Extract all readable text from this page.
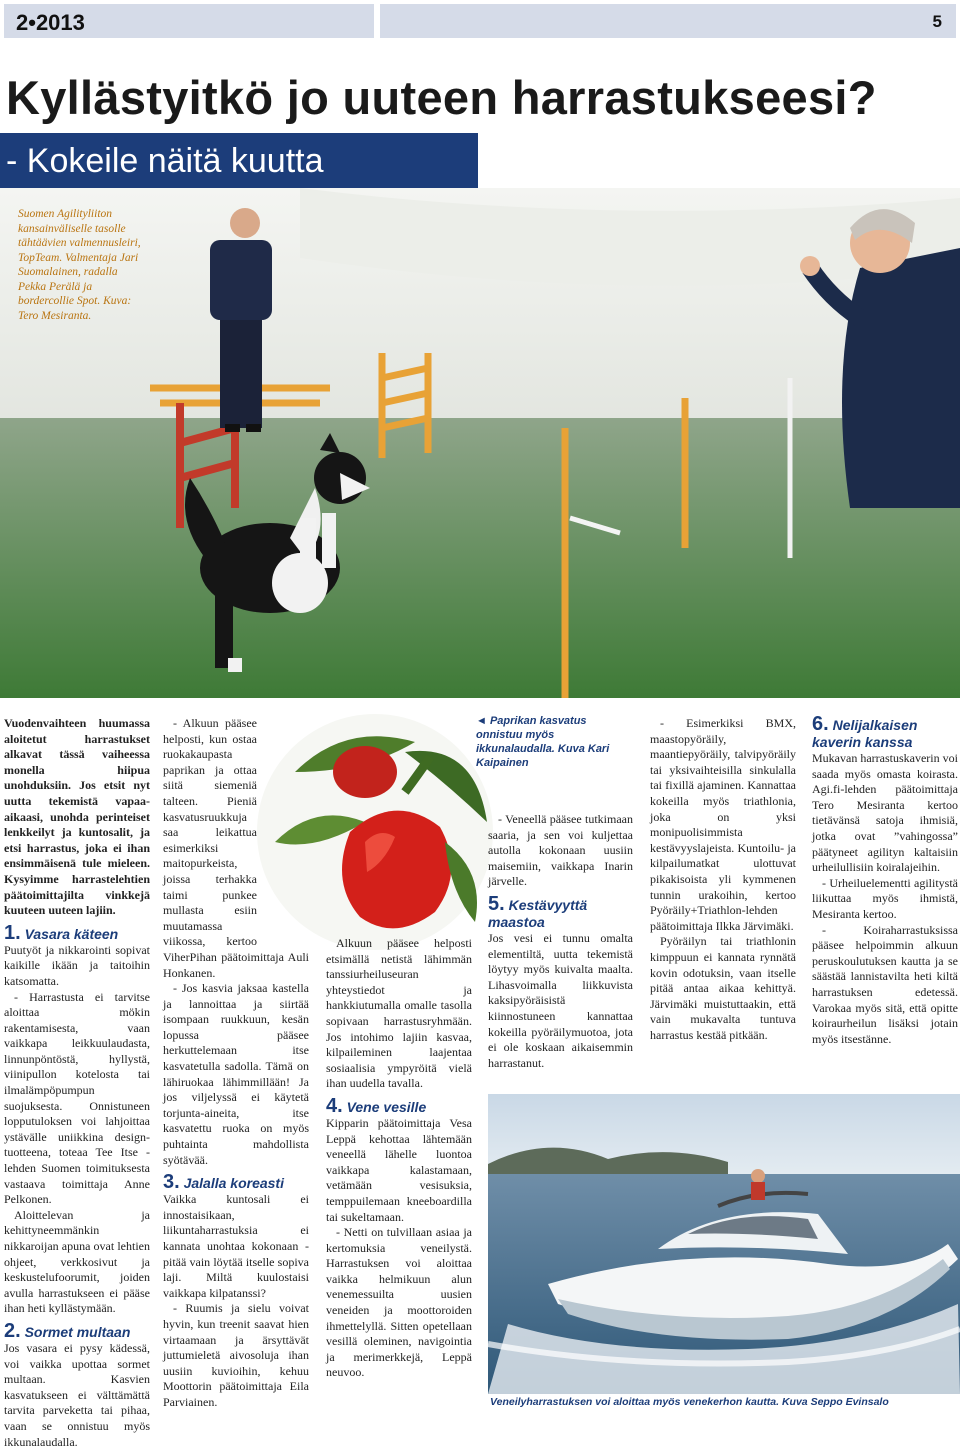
2•2013	5
Kyllästyitkö jo uuteen harrastukseesi?
- Kokeile näitä kuutta
Suomen Agilityliiton kansainväliselle tasolle tähtäävien valmennusleiri, TopTeam. Valmentaja Jari Suomalainen, radalla Pekka Perälä ja bordercollie Spot. Kuva: Tero Mesiranta.

Vuodenvaihteen huumassa aloitetut harrastukset alkavat tässä vaiheessa monella hiipua unohduksiin. Jos etsit nyt uutta tekemistä vapaa-aikaasi, unohda perinteiset lenkkeilyt ja kuntosalit, ja etsi harrastus, joka ei ihan ensimmäisenä tule mieleen. Kysyimme harrastelehtien päätoimittajilta vinkkejä kuuteen uuteen lajiin.

1. Vasara käteen

Puutyöt ja nikkarointi sopivat kaikille ikään ja taitoihin katsomatta.

- Harrastusta ei tarvitse aloittaa mökin rakentamisesta, vaan vaikkapa leikkuulaudasta, linnunpöntöstä, hyllystä, viinipullon kotelosta tai ilmalämpöpumpun suojuksesta. Onnistuneen lopputuloksen voi lahjoittaa ystävälle uniikkina design-tuotteena, toteaa Tee Itse -lehden Suomen toimituksesta vastaava toimittaja Anne Pelkonen.

Aloittelevan ja kehittyneemmänkin nikkaroijan apuna ovat lehtien ohjeet, verkkosivut ja keskustelufoorumit, joiden avulla harrastukseen ei pääse ihan heti kyllästymään.

2. Sormet multaan

Jos vasara ei pysy kädessä, voi vaikka upottaa sormet multaan. Kasvien kasvatukseen ei välttämättä tarvita parveketta tai pihaa, vaan se onnistuu myös ikkunalaudalla.

- Alkuun pääsee helposti, kun ostaa ruokakaupasta paprikan ja ottaa siitä siemeniä talteen. Pieniä kasvatusruukkuja saa leikattua esimerkiksi maitopurkeista, joissa terhakka taimi punkee mullasta esiin muutamassa viikossa, kertoo ViherPihan päätoimittaja Auli Honkanen.

- Jos kasvia jaksaa kastella ja lannoittaa ja siirtää isompaan ruukkuun, kesän lopussa pääsee herkuttelemaan itse kasvatetulla sadolla. Tämä on lähiruokaa lähimmillään! Ja jos viljelyssä ei käytetä torjunta-aineita, itse kasvatettu ruoka on myös puhtainta mahdollista syötävää.

3. Jalalla koreasti

Vaikka kuntosali ei innostaisikaan, liikuntaharrastuksia ei kannata unohtaa kokonaan - pitää vain löytää itselle sopiva laji. Miltä kuulostaisi vaikkapa kilpatanssi?

- Ruumis ja sielu voivat hyvin, kun treenit saavat hien virtaamaan ja ärsyttävät juttumieletä aivosoluja ihan uusiin kuvioihin, kehuu Moottorin päätoimittaja Eila Parviainen.

◄ Paprikan kasvatus onnistuu myös ikkunalaudalla. Kuva Kari Kaipainen

Alkuun pääsee helposti etsimällä netistä lähimmän tanssiurheiluseuran yhteystiedot ja hankkiutumalla omalle tasolla sopivaan harrastusryhmään. Jos intohimo lajiin kasvaa, kilpaileminen laajentaa sosiaalisia ympyröitä vielä ihan uudella tavalla.

4. Vene vesille

Kipparin päätoimittaja Vesa Leppä kehottaa lähtemään veneellä lähelle luontoa vaikkapa kalastamaan, vetämään vesisuksia, temppuilemaan kneeboardilla tai sukeltamaan.

- Netti on tulvillaan asiaa ja kertomuksia veneilystä. Harrastuksen voi aloittaa vaikka helmikuun alun venemessuilta uusien veneiden ja moottoroiden ihmettelyllä. Sitten opetellaan vesillä oleminen, navigointia ja merimerkkejä, Leppä neuvoo.

- Veneellä pääsee tutkimaan saaria, ja sen voi kuljettaa autolla kokonaan uusiin maisemiin, vaikkapa Inarin järvelle.

5. Kestävyyttä maastoa

Jos vesi ei tunnu omalta elementiltä, uutta tekemistä löytyy myös kuivalta maalta. Lihasvoimalla liikkuvista kaksipyöräisistä kiinnostuneen kannattaa kokeilla pyöräilymuotoa, jota ei ole koskaan aikaisemmin harrastanut.

- Esimerkiksi BMX, maastopyöräily, maantiepyöräily, talvipyöräily tai yksivaihteisilla sinkulalla tai fixillä ajaminen. Kannattaa kokeilla myös triathlonia, joka on yksi monipuolisimmista kestävyyslajeista. Kuntoilu- ja kilpailumatkat ulottuvat pikakisoista yli kymmenen tunnin urakoihin, kertoo Pyöräily+Triathlon-lehden päätoimittaja Ilkka Järvimäki.

Pyöräilyn tai triathlonin kimppuun ei kannata rynnätä kovin odotuksin, vaan itselle pitää antaa aikaa kehittyä. Järvimäki muistuttaakin, että vain mukavalta tuntuva harrastus kestää pitkään.

6. Nelijalkaisen kaverin kanssa

Mukavan harrastuskaverin voi saada myös omasta koirasta. Agi.fi-lehden päätoimittaja Tero Mesiranta kertoo tietävänsä satoja ihmisiä, jotka ovat ”vahingossa” päätyneet agilityn kaltaisiin urheilullisiin koiralajeihin.

- Urheiluelementti agilitystä liikuttaa myös ihmistä, Mesiranta kertoo.

- Koiraharrastuksissa pääsee helpoimmin alkuun peruskoulutuksen kautta ja se säästää lannistavilta heti kiltä harrastuksen edetessä. Varokaa myös sitä, että opitte koiraurheilun lisäksi jotain myös itsestänne.

Veneilyharrastuksen voi aloittaa myös venekerhon kautta. Kuva Seppo Evinsalo
